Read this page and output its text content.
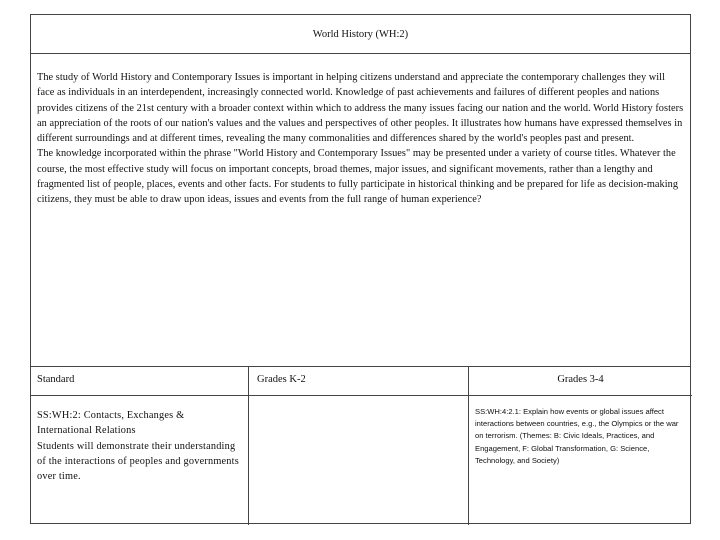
World History (WH:2)

The study of World History and Contemporary Issues is important in helping citizens understand and appreciate the contemporary challenges they will face as individuals in an interdependent, increasingly connected world. Knowledge of past achievements and failures of different peoples and nations provides citizens of the 21st century with a broader context within which to address the many issues facing our nation and the world. World History fosters an appreciation of the roots of our nation's values and the values and perspectives of other peoples. It illustrates how humans have expressed themselves in different surroundings and at different times, revealing the many commonalities and differences shared by the world's peoples past and present.

The knowledge incorporated within the phrase "World History and Contemporary Issues" may be presented under a variety of course titles. Whatever the course, the most effective study will focus on important concepts, broad themes, major issues, and significant movements, rather than a lengthy and fragmented list of people, places, events and other facts. For students to fully participate in historical thinking and be prepared for life as decision-making citizens, they must be able to draw upon ideas, issues and events from the full range of human experience?

Standard	Grades K-2	Grades 3-4
SS:WH:2: Contacts, Exchanges & International Relations
Students will demonstrate their understanding of the interactions of peoples and governments over time.
SS:WH:4:2.1: Explain how events or global issues affect interactions between countries, e.g., the Olympics or the war on terrorism. (Themes: B: Civic Ideals, Practices, and Engagement, F: Global Transformation, G: Science, Technology, and Society)
